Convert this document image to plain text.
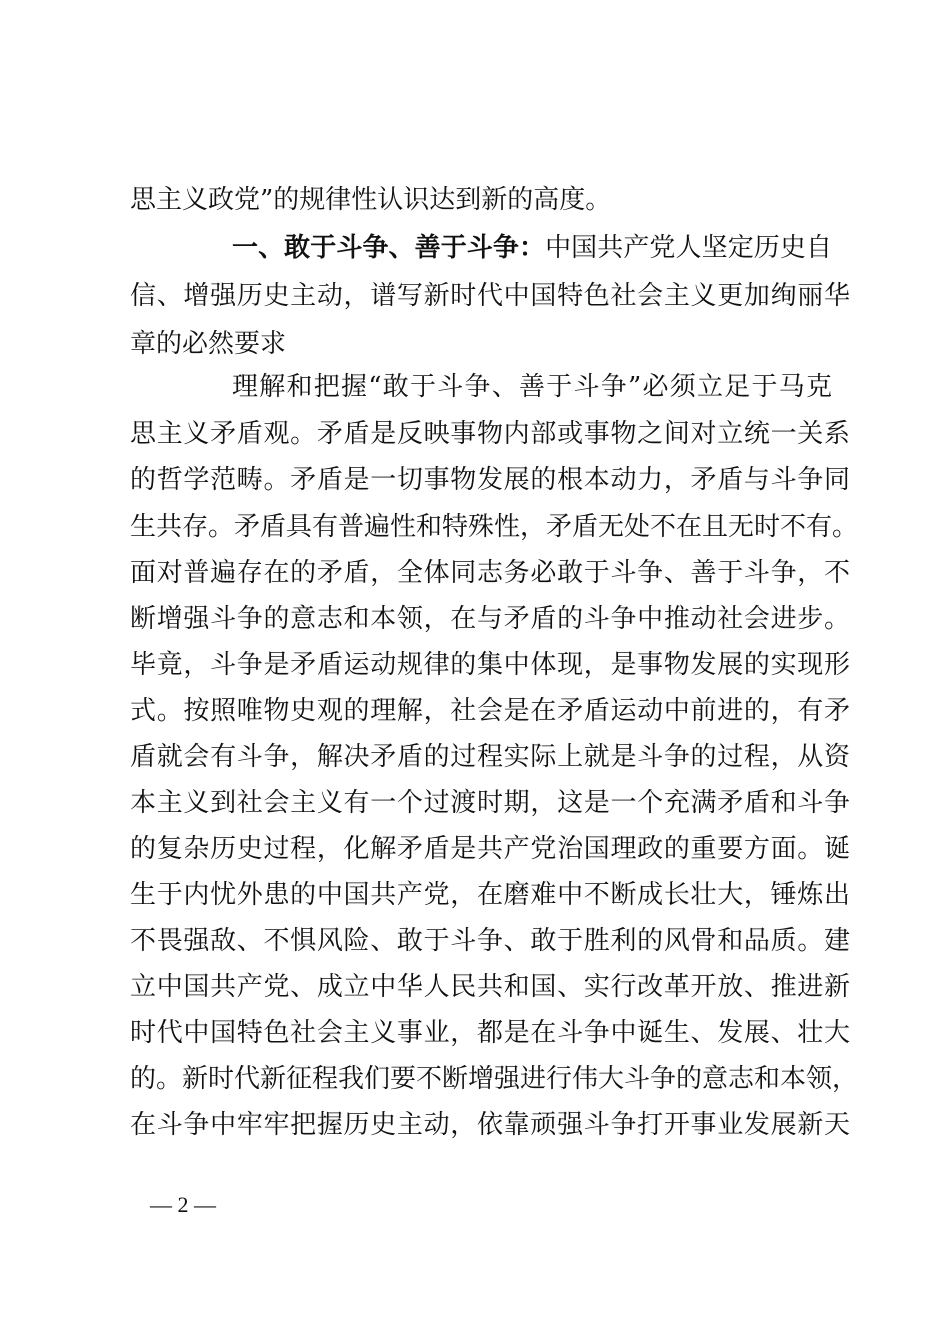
思主义政党”的规律性认识达到新的高度。
一、敢于斗争、善于斗争：中国共产党人坚定历史自
信、增强历史主动，谱写新时代中国特色社会主义更加绚丽华
章的必然要求
理解和把握“敢于斗争、善于斗争”必须立足于马克
思主义矛盾观。矛盾是反映事物内部或事物之间对立统一关系
的哲学范畴。矛盾是一切事物发展的根本动力，矛盾与斗争同
生共存。矛盾具有普遍性和特殊性，矛盾无处不在且无时不有。
面对普遍存在的矛盾，全体同志务必敢于斗争、善于斗争，不
断增强斗争的意志和本领，在与矛盾的斗争中推动社会进步。
毕竟，斗争是矛盾运动规律的集中体现，是事物发展的实现形
式。按照唯物史观的理解，社会是在矛盾运动中前进的，有矛
盾就会有斗争，解决矛盾的过程实际上就是斗争的过程，从资
本主义到社会主义有一个过渡时期，这是一个充满矛盾和斗争
的复杂历史过程，化解矛盾是共产党治国理政的重要方面。诞
生于内忧外患的中国共产党，在磨难中不断成长壮大，锤炼出
不畏强敌、不惧风险、敢于斗争、敢于胜利的风骨和品质。建
立中国共产党、成立中华人民共和国、实行改革开放、推进新
时代中国特色社会主义事业，都是在斗争中诞生、发展、壮大
的。新时代新征程我们要不断增强进行伟大斗争的意志和本领，
在斗争中牢牢把握历史主动，依靠顽强斗争打开事业发展新天
— 2 —
